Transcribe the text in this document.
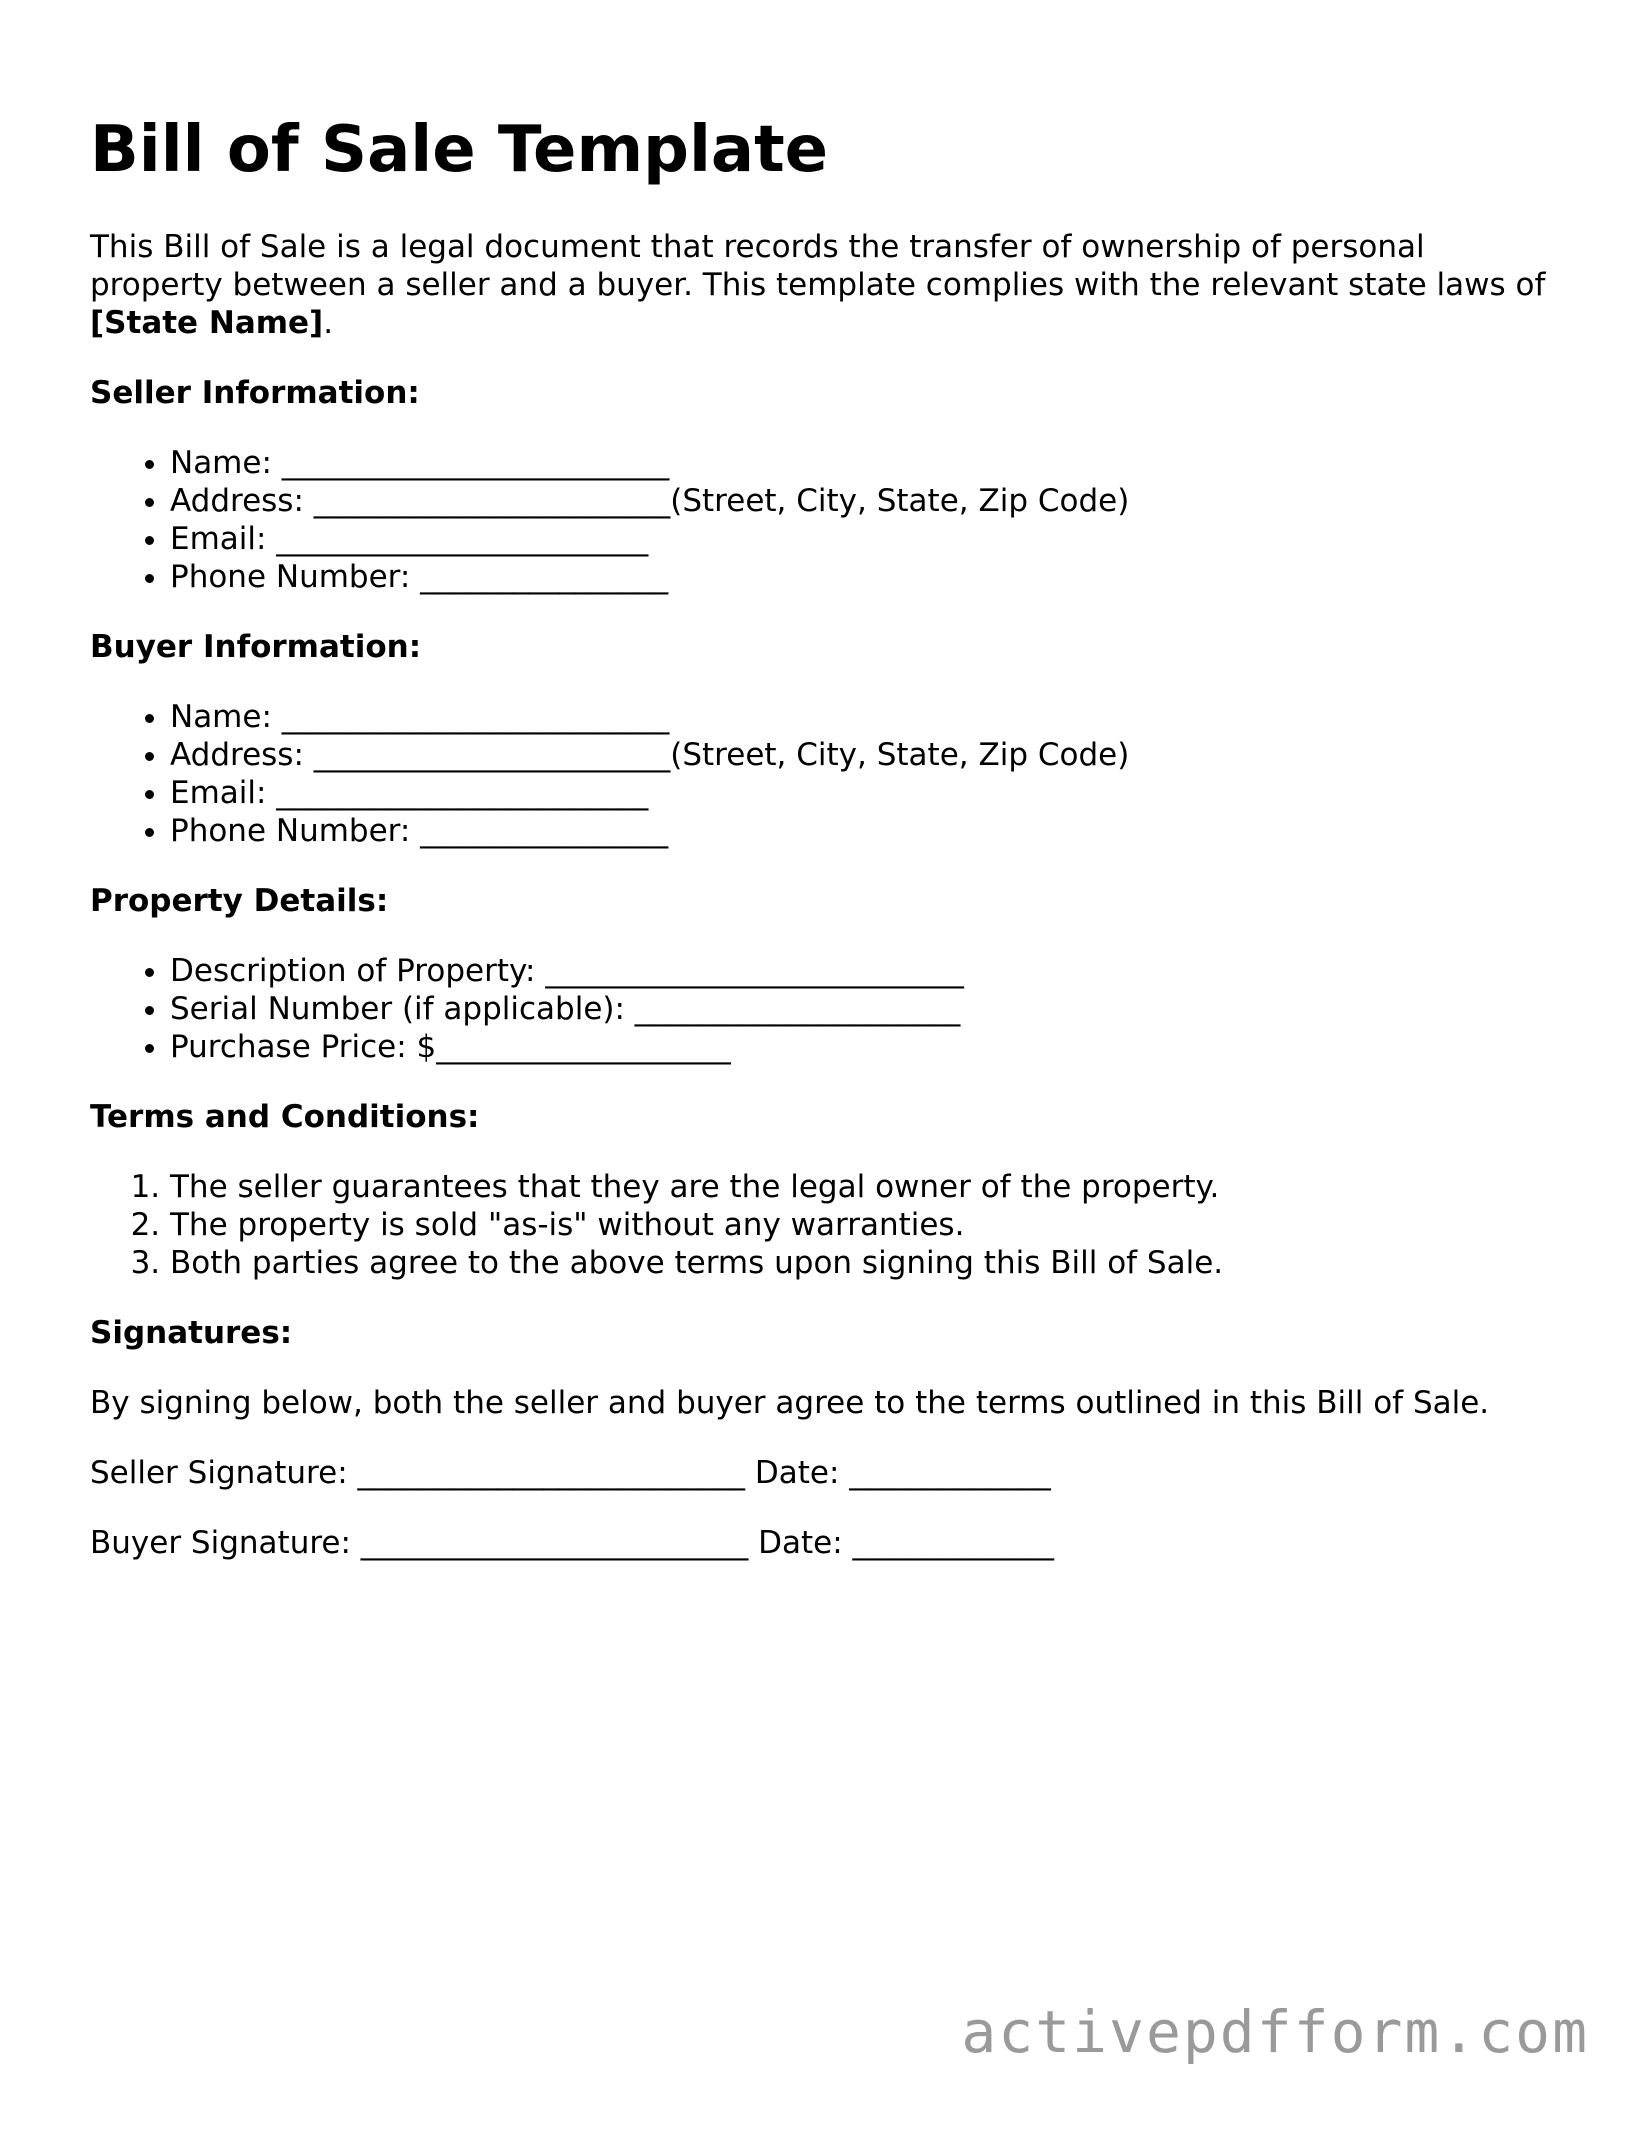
Bill of Sale Template

This Bill of Sale is a legal document that records the transfer of ownership of personal property between a seller and a buyer. This template complies with the relevant state laws of [State Name].

Seller Information:
• Name: _________________________
• Address: _______________________(Street, City, State, Zip Code)
• Email: ________________________
• Phone Number: ________________
Buyer Information:
• Name: _________________________
• Address: _______________________(Street, City, State, Zip Code)
• Email: ________________________
• Phone Number: ________________
Property Details:
• Description of Property: ___________________________
• Serial Number (if applicable): _____________________
• Purchase Price: $___________________
Terms and Conditions:
1. The seller guarantees that they are the legal owner of the property.
2. The property is sold "as-is" without any warranties.
3. Both parties agree to the above terms upon signing this Bill of Sale.
Signatures:

By signing below, both the seller and buyer agree to the terms outlined in this Bill of Sale.

Seller Signature: _________________________ Date: _____________

Buyer Signature: _________________________ Date: _____________

activepdfform.com
